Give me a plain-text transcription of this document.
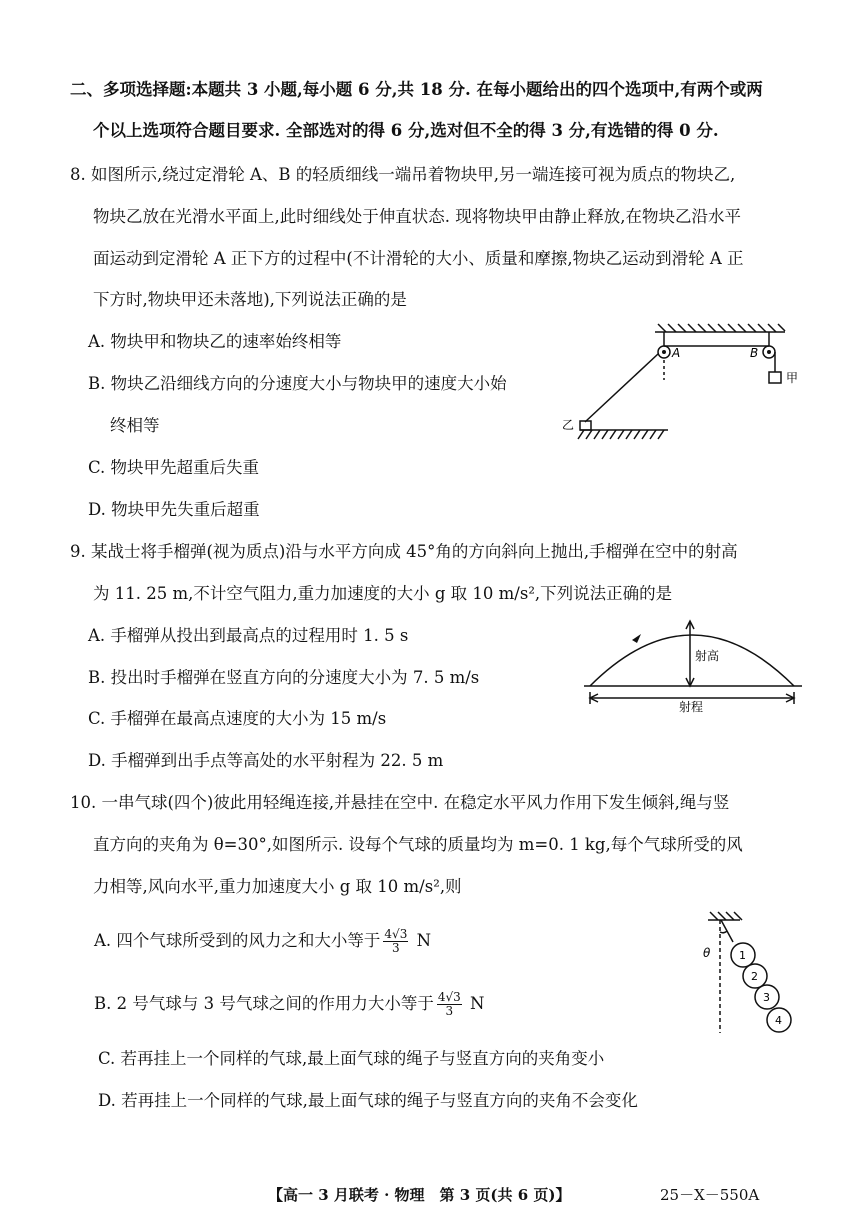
二、多项选择题:本题共 3 小题,每小题 6 分,共 18 分. 在每小题给出的四个选项中,有两个或两
个以上选项符合题目要求. 全部选对的得 6 分,选对但不全的得 3 分,有选错的得 0 分.
8. 如图所示,绕过定滑轮 A、B 的轻质细线一端吊着物块甲,另一端连接可视为质点的物块乙,
物块乙放在光滑水平面上,此时细线处于伸直状态. 现将物块甲由静止释放,在物块乙沿水平
面运动到定滑轮 A 正下方的过程中(不计滑轮的大小、质量和摩擦,物块乙运动到滑轮 A 正
下方时,物块甲还未落地),下列说法正确的是
A. 物块甲和物块乙的速率始终相等
B. 物块乙沿细线方向的分速度大小与物块甲的速度大小始
终相等
C. 物块甲先超重后失重
D. 物块甲先失重后超重
A	B
甲
乙
9. 某战士将手榴弹(视为质点)沿与水平方向成 45°角的方向斜向上抛出,手榴弹在空中的射高
为 11. 25 m,不计空气阻力,重力加速度的大小 g 取 10 m/s²,下列说法正确的是
A. 手榴弹从投出到最高点的过程用时 1. 5 s
B. 投出时手榴弹在竖直方向的分速度大小为 7. 5 m/s
C. 手榴弹在最高点速度的大小为 15 m/s
D. 手榴弹到出手点等高处的水平射程为 22. 5 m
射高
射程
10. 一串气球(四个)彼此用轻绳连接,并悬挂在空中. 在稳定水平风力作用下发生倾斜,绳与竖
直方向的夹角为 θ=30°,如图所示. 设每个气球的质量均为 m=0. 1 kg,每个气球所受的风
力相等,风向水平,重力加速度大小 g 取 10 m/s²,则
A. 四个气球所受到的风力之和大小等于 $\frac{4√3}{3}$ N
B. 2 号气球与 3 号气球之间的作用力大小等于 $\frac{4√3}{3}$ N
C. 若再挂上一个同样的气球,最上面气球的绳子与竖直方向的夹角变小
D. 若再挂上一个同样的气球,最上面气球的绳子与竖直方向的夹角不会变化
θ	1
2
3
4
【高一 3 月联考 · 物理　第 3 页(共 6 页)】	25－X－550A
